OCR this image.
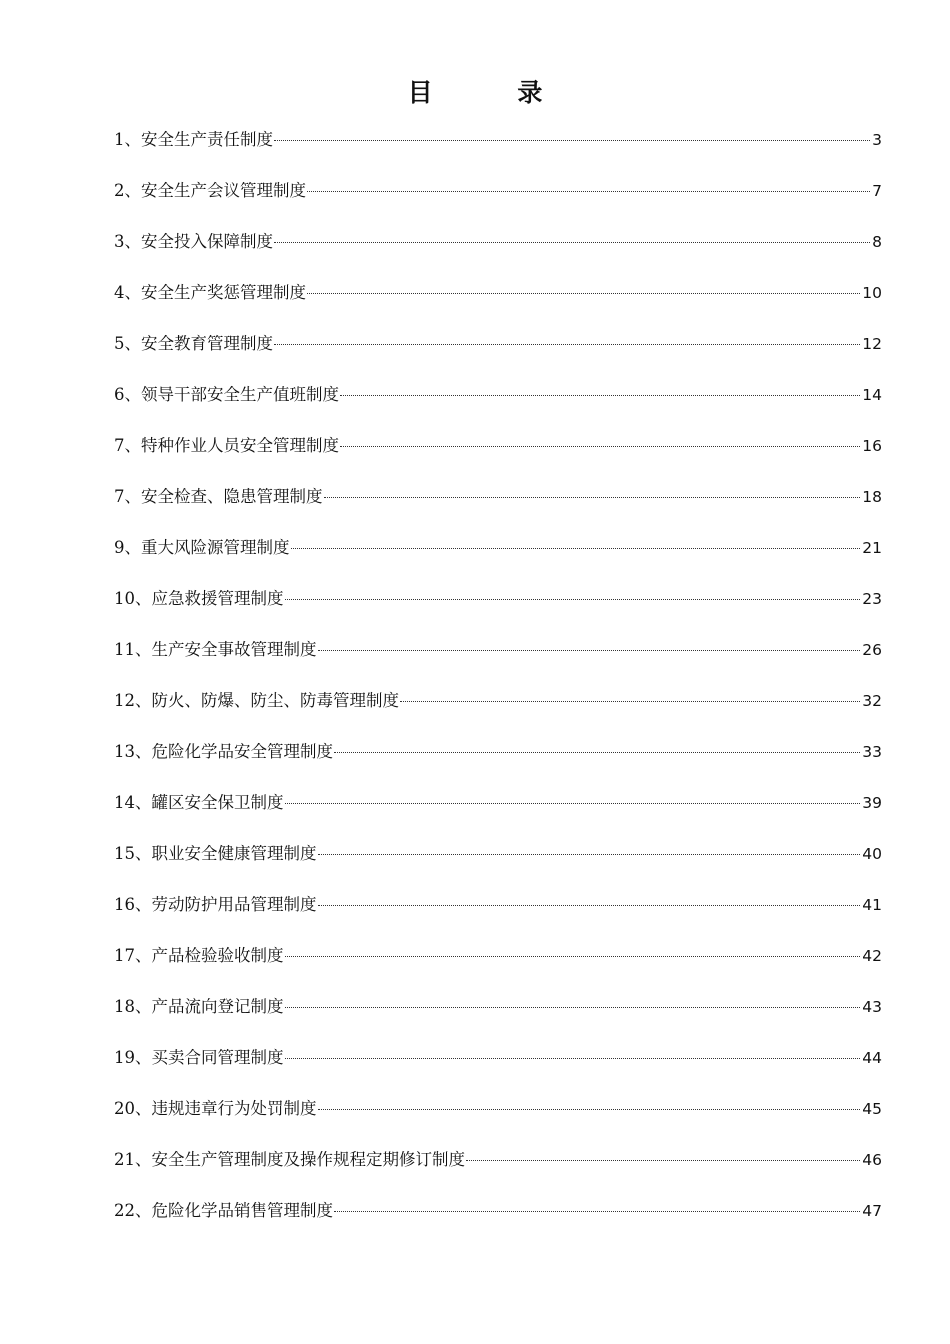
目 录
1、安全生产责任制度	3
2、安全生产会议管理制度	7
3、安全投入保障制度	8
4、安全生产奖惩管理制度	10
5、安全教育管理制度	12
6、领导干部安全生产值班制度	14
7、特种作业人员安全管理制度	16
7、安全检查、隐患管理制度	18
9、重大风险源管理制度	21
10、应急救援管理制度	23
11、生产安全事故管理制度	26
12、防火、防爆、防尘、防毒管理制度	32
13、危险化学品安全管理制度	33
14、罐区安全保卫制度	39
15、职业安全健康管理制度	40
16、劳动防护用品管理制度	41
17、产品检验验收制度	42
18、产品流向登记制度	43
19、买卖合同管理制度	44
20、违规违章行为处罚制度	45
21、安全生产管理制度及操作规程定期修订制度	46
22、危险化学品销售管理制度	47
